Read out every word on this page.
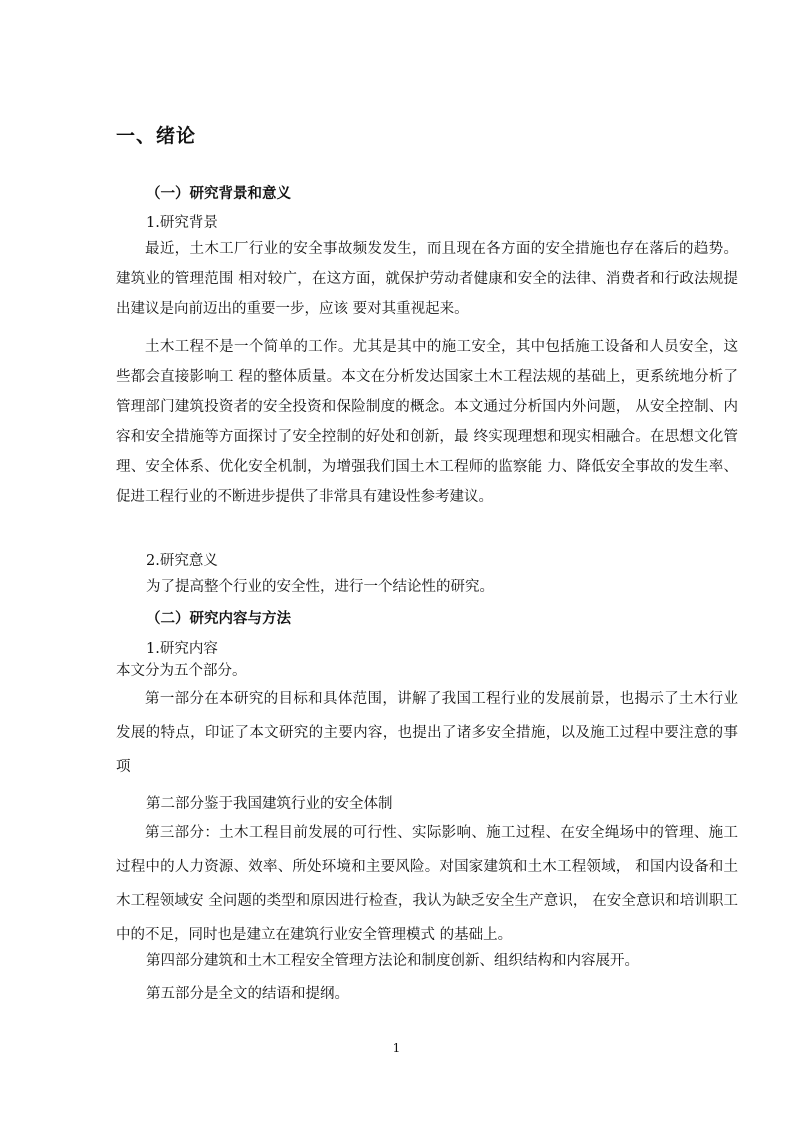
一、绪论
（一）研究背景和意义
1.研究背景

最近，土木工厂行业的安全事故频发发生，而且现在各方面的安全措施也存在落后的趋势。建筑业的管理范围 相对较广，在这方面，就保护劳动者健康和安全的法律、消费者和行政法规提出建议是向前迈出的重要一步，应该 要对其重视起来。

土木工程不是一个简单的工作。尤其是其中的施工安全，其中包括施工设备和人员安全，这些都会直接影响工 程的整体质量。本文在分析发达国家土木工程法规的基础上，更系统地分析了管理部门建筑投资者的安全投资和保险制度的概念。本文通过分析国内外问题， 从安全控制、内容和安全措施等方面探讨了安全控制的好处和创新，最 终实现理想和现实相融合。在思想文化管理、安全体系、优化安全机制，为增强我们国土木工程师的监察能 力、降低安全事故的发生率、促进工程行业的不断进步提供了非常具有建设性参考建议。

2.研究意义
为了提高整个行业的安全性，进行一个结论性的研究。
（二）研究内容与方法
1.研究内容
本文分为五个部分。

第一部分在本研究的目标和具体范围，讲解了我国工程行业的发展前景，也揭示了土木行业发展的特点，印证了本文研究的主要内容，也提出了诸多安全措施，以及施工过程中要注意的事项

第二部分鉴于我国建筑行业的安全体制

第三部分：土木工程目前发展的可行性、实际影响、施工过程、在安全绳场中的管理、施工过程中的人力资源、效率、所处环境和主要风险。对国家建筑和土木工程领域， 和国内设备和土木工程领域安 全问题的类型和原因进行检查，我认为缺乏安全生产意识， 在安全意识和培训职工中的不足，同时也是建立在建筑行业安全管理模式 的基础上。

第四部分建筑和土木工程安全管理方法论和制度创新、组织结构和内容展开。
第五部分是全文的结语和提纲。
1
